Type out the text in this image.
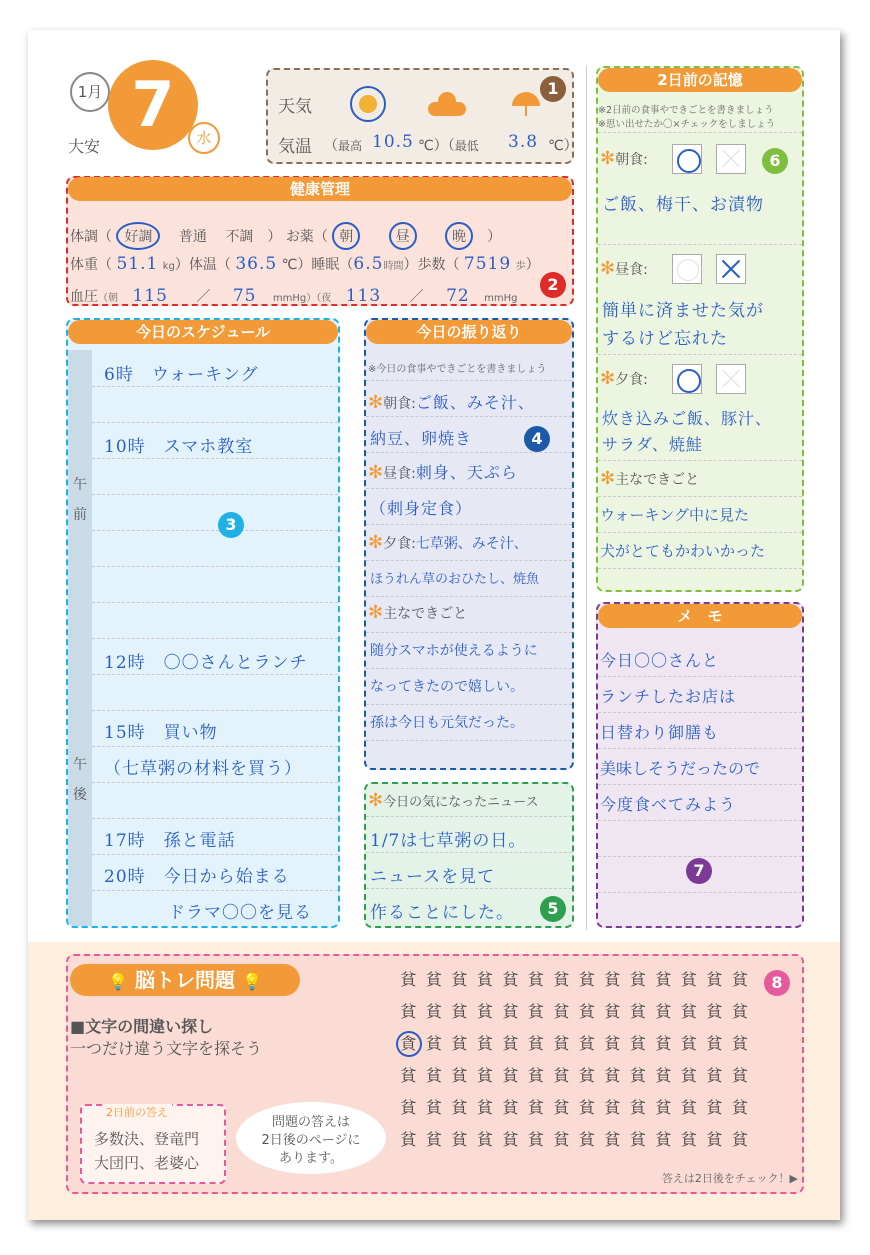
1月 7	水
大安
天気
気温 （最高 10.5 ℃）（最低 3.8 ℃）
1
健康管理
体調（ 好調 　 普通　 不調　） お薬（ 朝	昼	晩　）
体重（ 51.1 kg）体温（ 36.5 ℃）睡眠（6.5時間）歩数（ 7519 歩）
血圧（朝 115 ／ 75 mmHg）（夜 113 ／ 72 mmHg
2
今日のスケジュール
午前
午後
6時　ウォーキング
10時　スマホ教室
12時　〇〇さんとランチ
15時　買い物
（七草粥の材料を買う）
17時　孫と電話
20時　今日から始まる
ドラマ〇〇を見る
3
今日の振り返り
※今日の食事やできごとを書きましょう
✻朝食:ご飯、みそ汁、
納豆、卵焼き
✻昼食:刺身、天ぷら
（刺身定食）
✻夕食:七草粥、みそ汁、
ほうれん草のおひたし、焼魚
✻主なできごと
随分スマホが使えるように
なってきたので嬉しい。
孫は今日も元気だった。
4
✻今日の気になったニュース
1/7は七草粥の日。
ニュースを見て
作ることにした。	5
2日前の記憶
※2日前の食事やできごとを書きましょう
※思い出せたか〇×チェックをしましょう
✻朝食:	6
ご飯、梅干、お漬物
✻昼食:
簡単に済ませた気が
するけど忘れた
✻夕食:
炊き込みご飯、豚汁、
サラダ、焼鮭
✻主なできごと
ウォーキング中に見た
犬がとてもかわいかった
メ　モ
今日〇〇さんと
ランチしたお店は
日替わり御膳も
美味しそうだったので
今度食べてみよう
7
💡 脳トレ問題 💡
■文字の間違い探し
一つだけ違う文字を探そう
2日前の答え
多数決、登竜門
大団円、老婆心
問題の答えは
2日後のページに
あります。
貧 貧 貧 貧 貧 貧 貧 貧 貧 貧 貧 貧 貧 貧
貧 貧 貧 貧 貧 貧 貧 貧 貧 貧 貧 貧 貧 貧
貪 貧 貧 貧 貧 貧 貧 貧 貧 貧 貧 貧 貧 貧
貧 貧 貧 貧 貧 貧 貧 貧 貧 貧 貧 貧 貧 貧
貧 貧 貧 貧 貧 貧 貧 貧 貧 貧 貧 貧 貧 貧
貧 貧 貧 貧 貧 貧 貧 貧 貧 貧 貧 貧 貧 貧
8
答えは2日後をチェック！▶
